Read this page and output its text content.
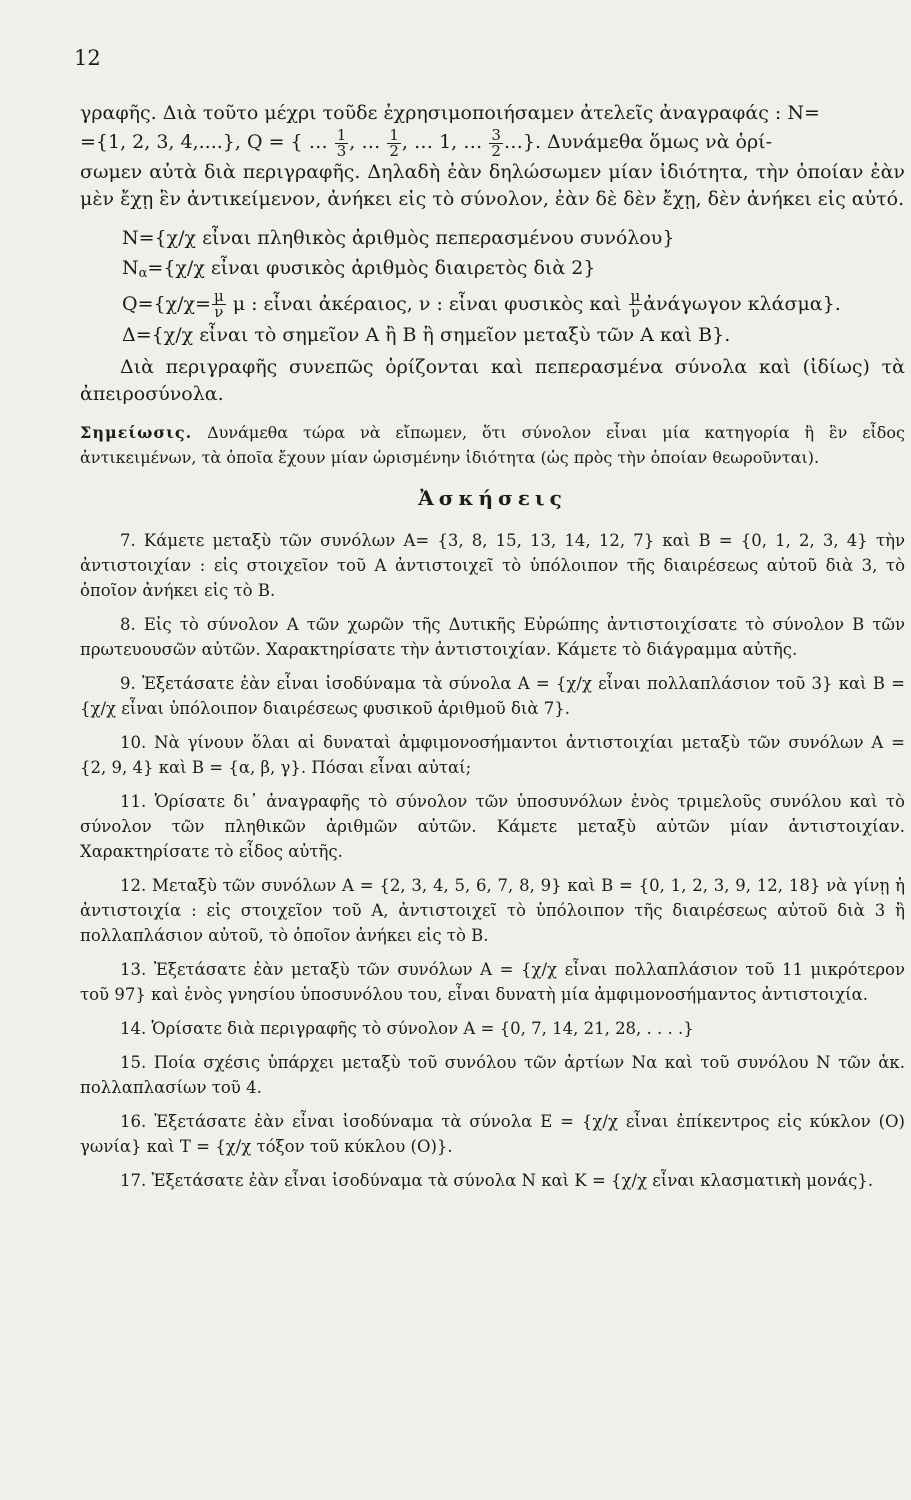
12

γραφῆς. Διὰ τοῦτο μέχρι τοῦδε ἐχρησιμοποιήσαμεν ἀτελεῖς ἀναγραφάς : N=

={1, 2, 3, 4,....}, Q = { … $\frac{1}{3}$ , … $\frac{1}{2}$ , … 1, … $\frac{3}{2}$ …}. Δυνάμεθα ὅμως νὰ ὁρί-

σωμεν αὐτὰ διὰ περιγραφῆς. Δηλαδὴ ἐὰν δηλώσωμεν μίαν ἰδιότητα, τὴν ὁποίαν ἐὰν μὲν ἔχῃ ἓν ἀντικείμενον, ἀνήκει εἰς τὸ σύνολον, ἐὰν δὲ δὲν ἔχῃ, δὲν ἀνήκει εἰς αὐτό.

N={χ/χ εἶναι πληθικὸς ἀριθμὸς πεπερασμένου συνόλου}

$N_\alpha=\{\chi/\chi$ εἶναι φυσικὸς ἀριθμὸς διαιρετὸς διὰ 2}

$Q=\{\chi/\chi= \frac{\mu}{\nu}$ μ : εἶναι ἀκέραιος, ν : εἶναι φυσικὸς καὶ $\frac{\mu}{\nu}$ ἀνάγωγον κλάσμα}.

Δ={χ/χ εἶναι τὸ σημεῖον Α ἢ Β ἢ σημεῖον μεταξὺ τῶν Α καὶ Β}.

Διὰ περιγραφῆς συνεπῶς ὁρίζονται καὶ πεπερασμένα σύνολα καὶ (ἰδίως) τὰ ἀπειροσύνολα.

Σημείωσις. Δυνάμεθα τώρα νὰ εἴπωμεν, ὅτι σύνολον εἶναι μία κατηγορία ἢ ἓν εἶδος ἀντικειμένων, τὰ ὁποῖα ἔχουν μίαν ὡρισμένην ἰδιότητα (ὡς πρὸς τὴν ὁποίαν θεωροῦνται).

Ἀσκήσεις

7. Κάμετε μεταξὺ τῶν συνόλων Α= {3, 8, 15, 13, 14, 12, 7} καὶ Β = {0, 1, 2, 3, 4} τὴν ἀντιστοιχίαν : εἰς στοιχεῖον τοῦ Α ἀντιστοιχεῖ τὸ ὑπόλοιπον τῆς διαιρέσεως αὐτοῦ διὰ 3, τὸ ὁποῖον ἀνήκει εἰς τὸ Β.

8. Εἰς τὸ σύνολον Α τῶν χωρῶν τῆς Δυτικῆς Εὐρώπης ἀντιστοιχίσατε τὸ σύνολον Β τῶν πρωτευουσῶν αὐτῶν. Χαρακτηρίσατε τὴν ἀντιστοιχίαν. Κάμετε τὸ διάγραμμα αὐτῆς.

9. Ἐξετάσατε ἐὰν εἶναι ἰσοδύναμα τὰ σύνολα Α = {χ/χ εἶναι πολλαπλάσιον τοῦ 3} καὶ Β = {χ/χ εἶναι ὑπόλοιπον διαιρέσεως φυσικοῦ ἀριθμοῦ διὰ 7}.

10. Νὰ γίνουν ὅλαι αἱ δυναταὶ ἀμφιμονοσήμαντοι ἀντιστοιχίαι μεταξὺ τῶν συνόλων Α = {2, 9, 4} καὶ Β = {α, β, γ}. Πόσαι εἶναι αὐταί;

11. Ὁρίσατε δι᾽ ἀναγραφῆς τὸ σύνολον τῶν ὑποσυνόλων ἑνὸς τριμελοῦς συνόλου καὶ τὸ σύνολον τῶν πληθικῶν ἀριθμῶν αὐτῶν. Κάμετε μεταξὺ αὐτῶν μίαν ἀντιστοιχίαν. Χαρακτηρίσατε τὸ εἶδος αὐτῆς.

12. Μεταξὺ τῶν συνόλων Α = {2, 3, 4, 5, 6, 7, 8, 9} καὶ Β = {0, 1, 2, 3, 9, 12, 18} νὰ γίνῃ ἡ ἀντιστοιχία : εἰς στοιχεῖον τοῦ Α, ἀντιστοιχεῖ τὸ ὑπόλοιπον τῆς διαιρέσεως αὐτοῦ διὰ 3 ἢ πολλαπλάσιον αὐτοῦ, τὸ ὁποῖον ἀνήκει εἰς τὸ Β.

13. Ἐξετάσατε ἐὰν μεταξὺ τῶν συνόλων Α = {χ/χ εἶναι πολλαπλάσιον τοῦ 11 μικρότερον τοῦ 97} καὶ ἑνὸς γνησίου ὑποσυνόλου του, εἶναι δυνατὴ μία ἀμφιμονοσήμαντος ἀντιστοιχία.

14. Ὁρίσατε διὰ περιγραφῆς τὸ σύνολον Α = {0, 7, 14, 21, 28, . . . .}

15. Ποία σχέσις ὑπάρχει μεταξὺ τοῦ συνόλου τῶν ἀρτίων Nα καὶ τοῦ συνόλου N τῶν ἀκ. πολλαπλασίων τοῦ 4.

16. Ἐξετάσατε ἐὰν εἶναι ἰσοδύναμα τὰ σύνολα Ε = {χ/χ εἶναι ἐπίκεντρος εἰς κύκλον (Ο) γωνία} καὶ Τ = {χ/χ τόξον τοῦ κύκλου (Ο)}.

17. Ἐξετάσατε ἐὰν εἶναι ἰσοδύναμα τὰ σύνολα N καὶ Κ = {χ/χ εἶναι κλασματικὴ μονάς}.
